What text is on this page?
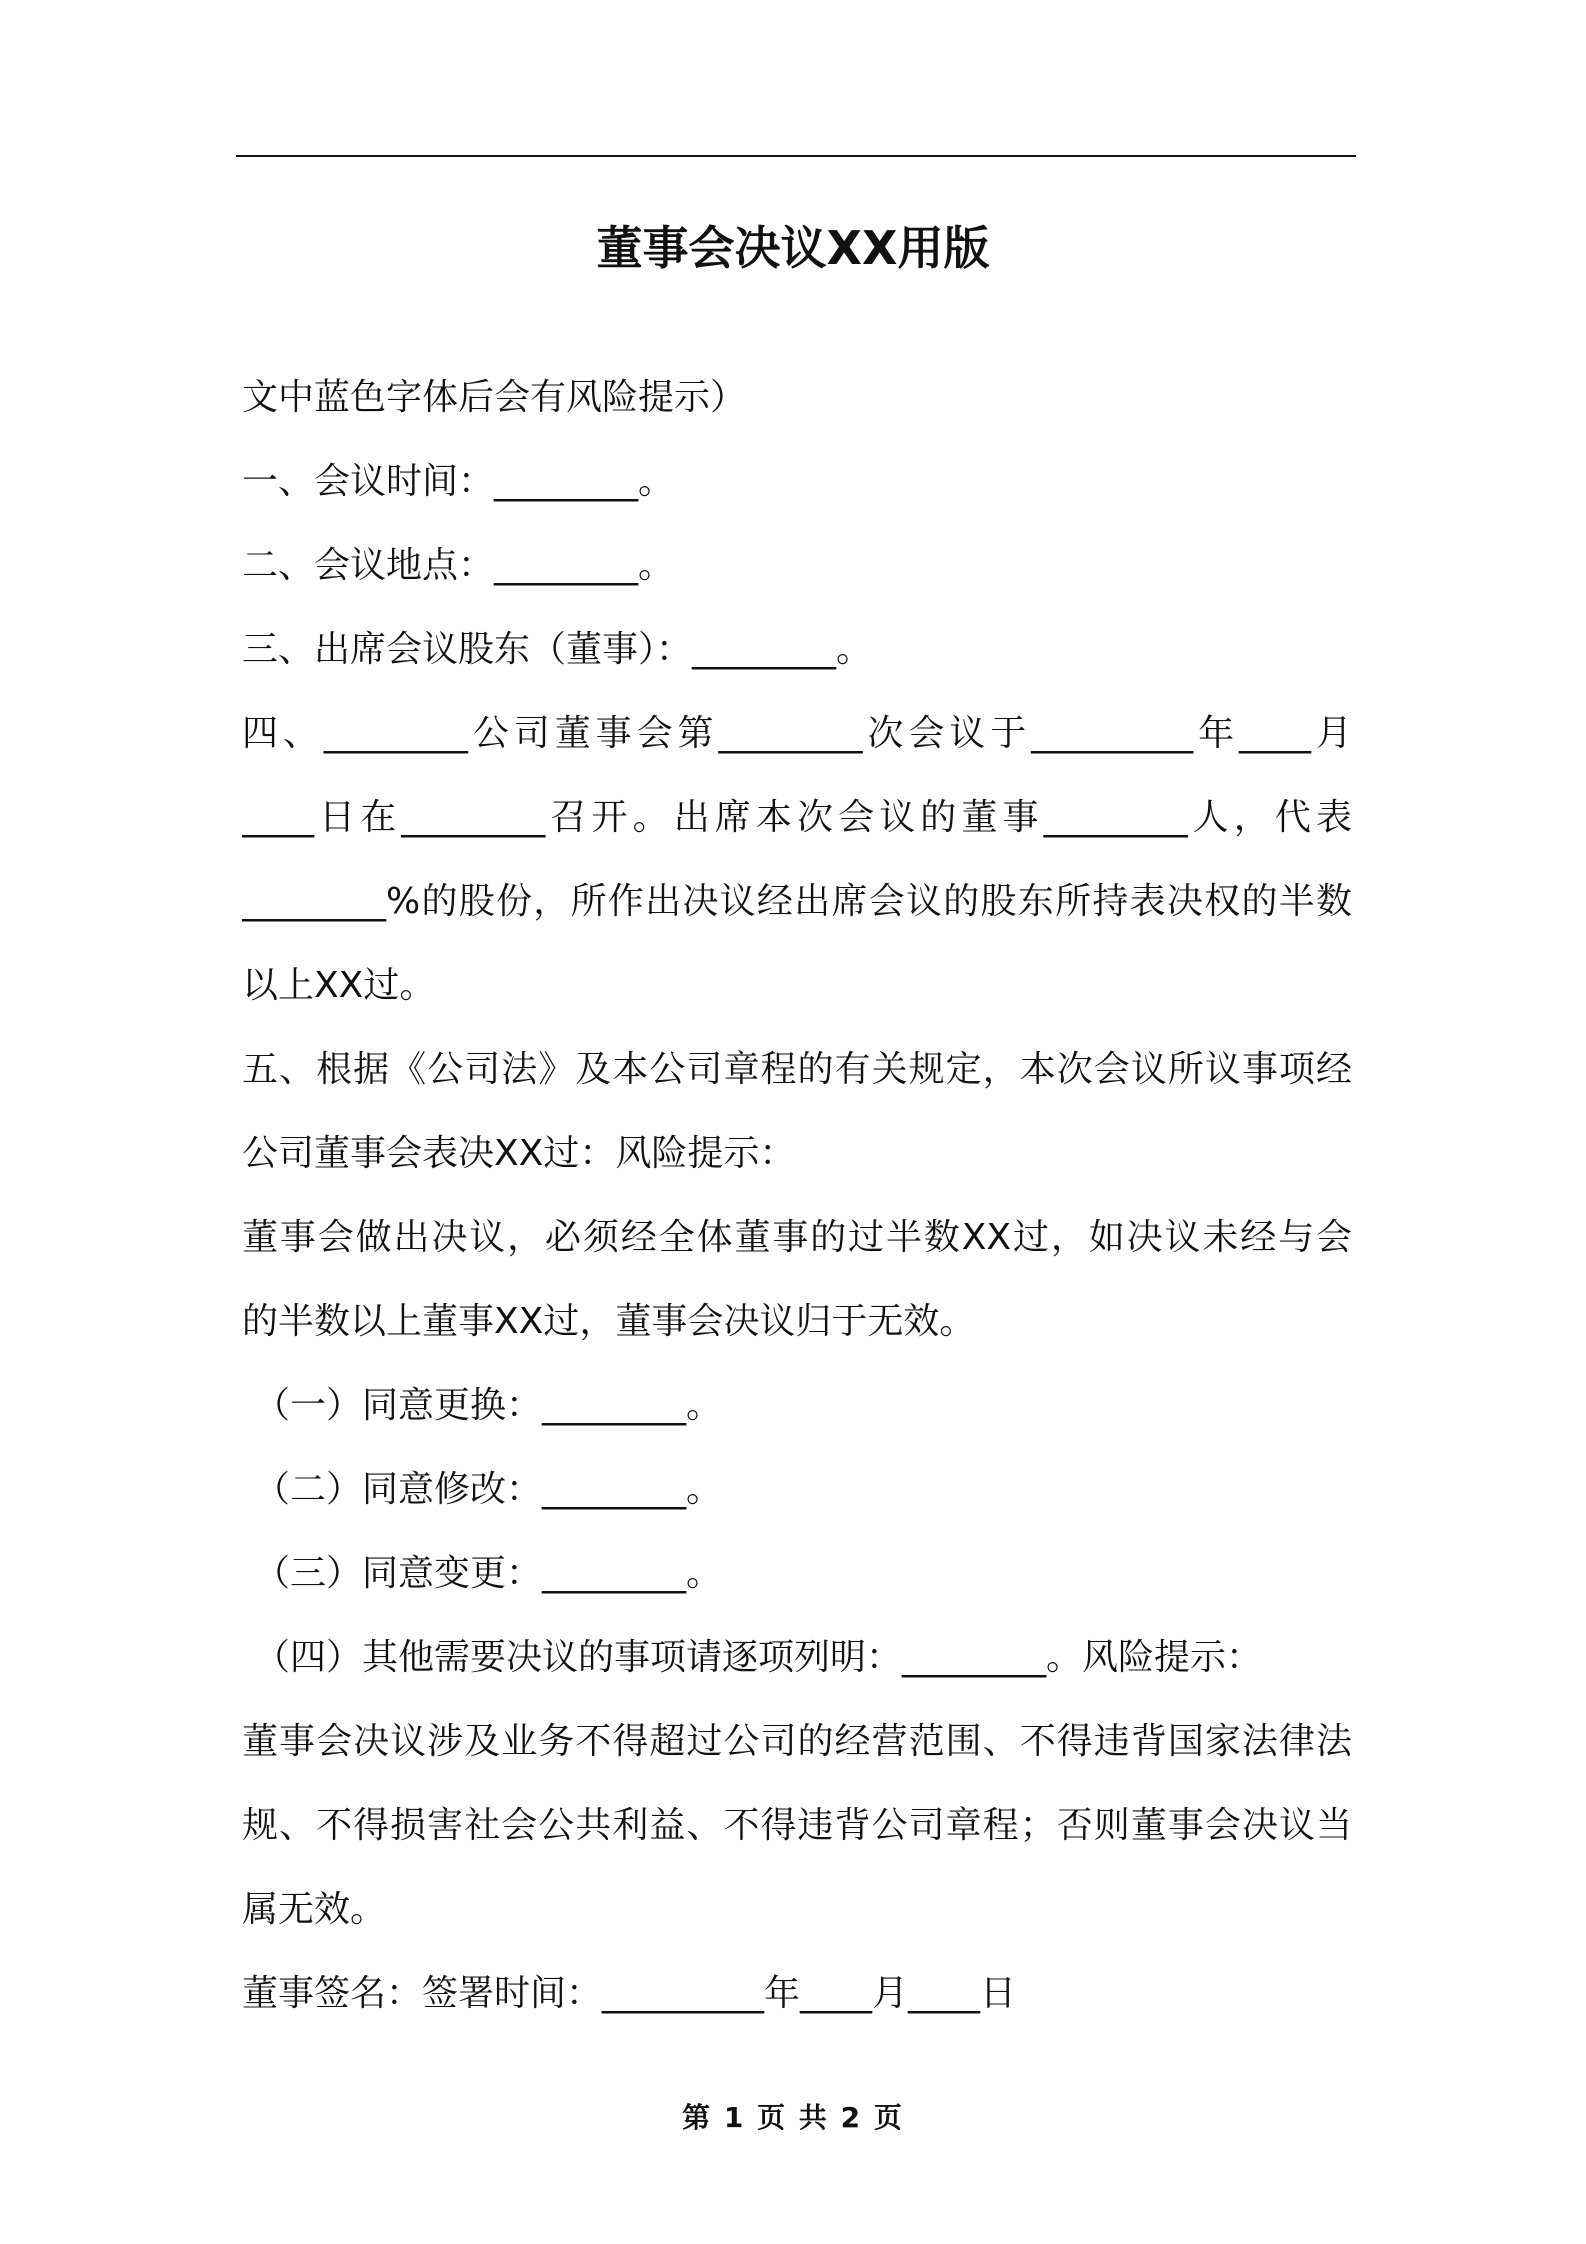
董事会决议XX用版
文中蓝色字体后会有风险提示）
一、会议时间：________。
二、会议地点：________。
三、出席会议股东（董事）：________。
四、________公司董事会第________次会议于_________年____月
____日在________召开。出席本次会议的董事________人，代表
________%的股份，所作出决议经出席会议的股东所持表决权的半数
以上XX过。
五、根据《公司法》及本公司章程的有关规定，本次会议所议事项经
公司董事会表决XX过：风险提示：
董事会做出决议，必须经全体董事的过半数XX过，如决议未经与会
的半数以上董事XX过，董事会决议归于无效。
（一）同意更换：________。
（二）同意修改：________。
（三）同意变更：________。
（四）其他需要决议的事项请逐项列明：________。风险提示：
董事会决议涉及业务不得超过公司的经营范围、不得违背国家法律法
规、不得损害社会公共利益、不得违背公司章程；否则董事会决议当
属无效。
董事签名：签署时间：_________年____月____日
第 1 页 共 2 页
